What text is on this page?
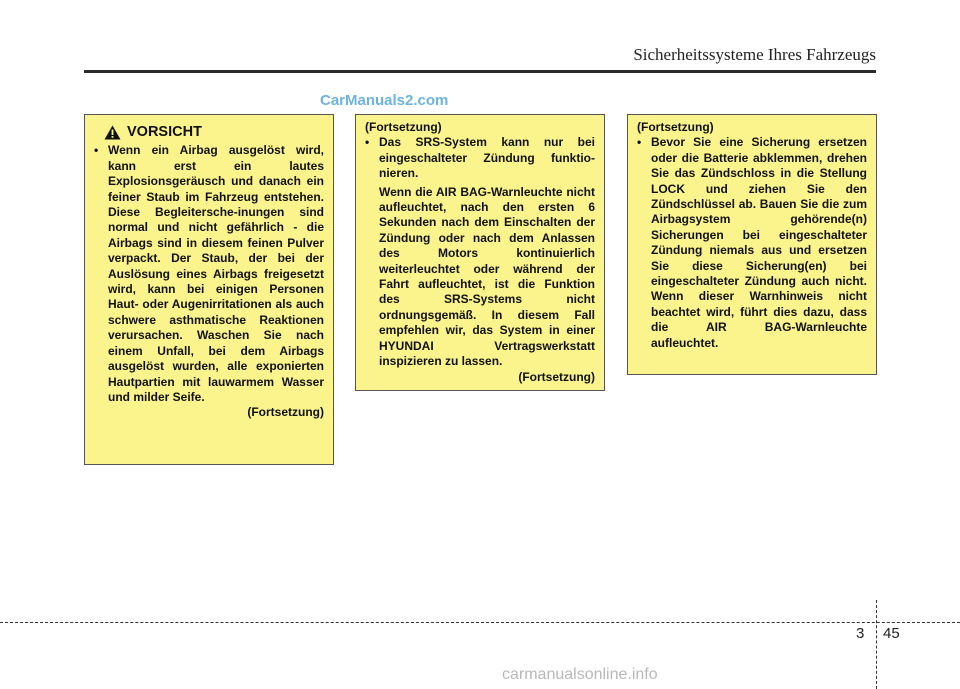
Sicherheitssysteme Ihres Fahrzeugs
CarManuals2.com
VORSICHT
• Wenn ein Airbag ausgelöst wird, kann erst ein lautes Explosionsgeräusch und danach ein feiner Staub im Fahrzeug entstehen. Diese Begleitersche-inungen sind normal und nicht gefährlich - die Airbags sind in diesem feinen Pulver verpackt. Der Staub, der bei der Auslösung eines Airbags freigesetzt wird, kann bei einigen Personen Haut- oder Augenirritationen als auch schwere asthmatische Reaktionen verursachen. Waschen Sie nach einem Unfall, bei dem Airbags ausgelöst wurden, alle exponierten Hautpartien mit lauwarmem Wasser und milder Seife.
(Fortsetzung)
(Fortsetzung)
• Das SRS-System kann nur bei eingeschalteter Zündung funktio-nieren.
Wenn die AIR BAG-Warnleuchte nicht aufleuchtet, nach den ersten 6 Sekunden nach dem Einschalten der Zündung oder nach dem Anlassen des Motors kontinuierlich weiterleuchtet oder während der Fahrt aufleuchtet, ist die Funktion des SRS-Systems nicht ordnungsgemäß. In diesem Fall empfehlen wir, das System in einer HYUNDAI Vertragswerkstatt inspizieren zu lassen.
(Fortsetzung)
(Fortsetzung)
• Bevor Sie eine Sicherung ersetzen oder die Batterie abklemmen, drehen Sie das Zündschloss in die Stellung LOCK und ziehen Sie den Zündschlüssel ab. Bauen Sie die zum Airbagsystem gehörende(n) Sicherungen bei eingeschalteter Zündung niemals aus und ersetzen Sie diese Sicherung(en) bei eingeschalteter Zündung auch nicht. Wenn dieser Warnhinweis nicht beachtet wird, führt dies dazu, dass die AIR BAG-Warnleuchte aufleuchtet.
3 45
carmanualsonline.info
